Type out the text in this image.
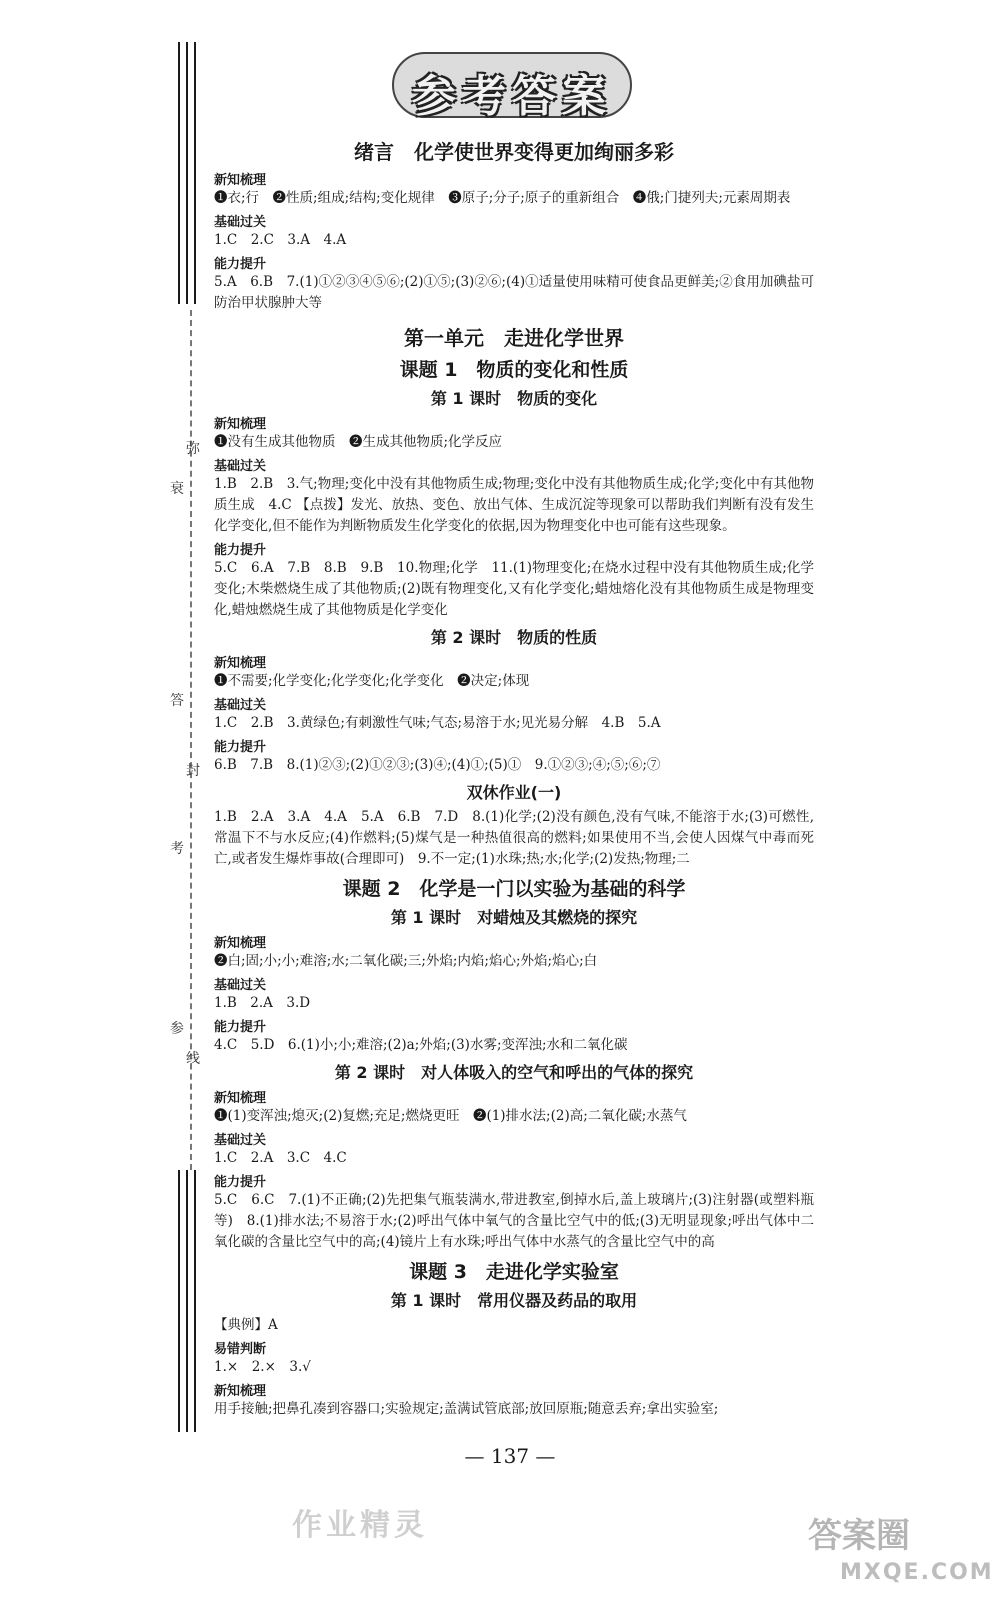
衰
弥
答
封
考
参
线
参考答案
绪言　化学使世界变得更加绚丽多彩
新知梳理
❶衣;行　❷性质;组成;结构;变化规律　❸原子;分子;原子的重新组合　❹俄;门捷列夫;元素周期表
基础过关
1.C　2.C　3.A　4.A
能力提升
5.A　6.B　7.(1)①②③④⑤⑥;(2)①⑤;(3)②⑥;(4)①适量使用味精可使食品更鲜美;②食用加碘盐可防治甲状腺肿大等
第一单元　走进化学世界
课题 1　物质的变化和性质
第 1 课时　物质的变化
新知梳理
❶没有生成其他物质　❷生成其他物质;化学反应
基础过关
1.B　2.B　3.气;物理;变化中没有其他物质生成;物理;变化中没有其他物质生成;化学;变化中有其他物质生成　4.C 【点拨】发光、放热、变色、放出气体、生成沉淀等现象可以帮助我们判断有没有发生化学变化,但不能作为判断物质发生化学变化的依据,因为物理变化中也可能有这些现象。
能力提升
5.C　6.A　7.B　8.B　9.B　10.物理;化学　11.(1)物理变化;在烧水过程中没有其他物质生成;化学变化;木柴燃烧生成了其他物质;(2)既有物理变化,又有化学变化;蜡烛熔化没有其他物质生成是物理变化,蜡烛燃烧生成了其他物质是化学变化
第 2 课时　物质的性质
新知梳理
❶不需要;化学变化;化学变化;化学变化　❷决定;体现
基础过关
1.C　2.B　3.黄绿色;有刺激性气味;气态;易溶于水;见光易分解　4.B　5.A
能力提升
6.B　7.B　8.(1)②③;(2)①②③;(3)④;(4)①;(5)①　9.①②③;④;⑤;⑥;⑦
双休作业(一)
1.B　2.A　3.A　4.A　5.A　6.B　7.D　8.(1)化学;(2)没有颜色,没有气味,不能溶于水;(3)可燃性,常温下不与水反应;(4)作燃料;(5)煤气是一种热值很高的燃料;如果使用不当,会使人因煤气中毒而死亡,或者发生爆炸事故(合理即可)　9.不一定;(1)水珠;热;水;化学;(2)发热;物理;二
课题 2　化学是一门以实验为基础的科学
第 1 课时　对蜡烛及其燃烧的探究
新知梳理
❷白;固;小;小;难溶;水;二氧化碳;三;外焰;内焰;焰心;外焰;焰心;白
基础过关
1.B　2.A　3.D
能力提升
4.C　5.D　6.(1)小;小;难溶;(2)a;外焰;(3)水雾;变浑浊;水和二氧化碳
第 2 课时　对人体吸入的空气和呼出的气体的探究
新知梳理
❶(1)变浑浊;熄灭;(2)复燃;充足;燃烧更旺　❷(1)排水法;(2)高;二氧化碳;水蒸气
基础过关
1.C　2.A　3.C　4.C
能力提升
5.C　6.C　7.(1)不正确;(2)先把集气瓶装满水,带进教室,倒掉水后,盖上玻璃片;(3)注射器(或塑料瓶等)　8.(1)排水法;不易溶于水;(2)呼出气体中氧气的含量比空气中的低;(3)无明显现象;呼出气体中二氧化碳的含量比空气中的高;(4)镜片上有水珠;呼出气体中水蒸气的含量比空气中的高
课题 3　走进化学实验室
第 1 课时　常用仪器及药品的取用
【典例】A
易错判断
1.×　2.×　3.√
新知梳理
用手接触;把鼻孔凑到容器口;实验规定;盖满试管底部;放回原瓶;随意丢弃;拿出实验室;
— 137 —
作业精灵	答案圈
MXQE.COM
